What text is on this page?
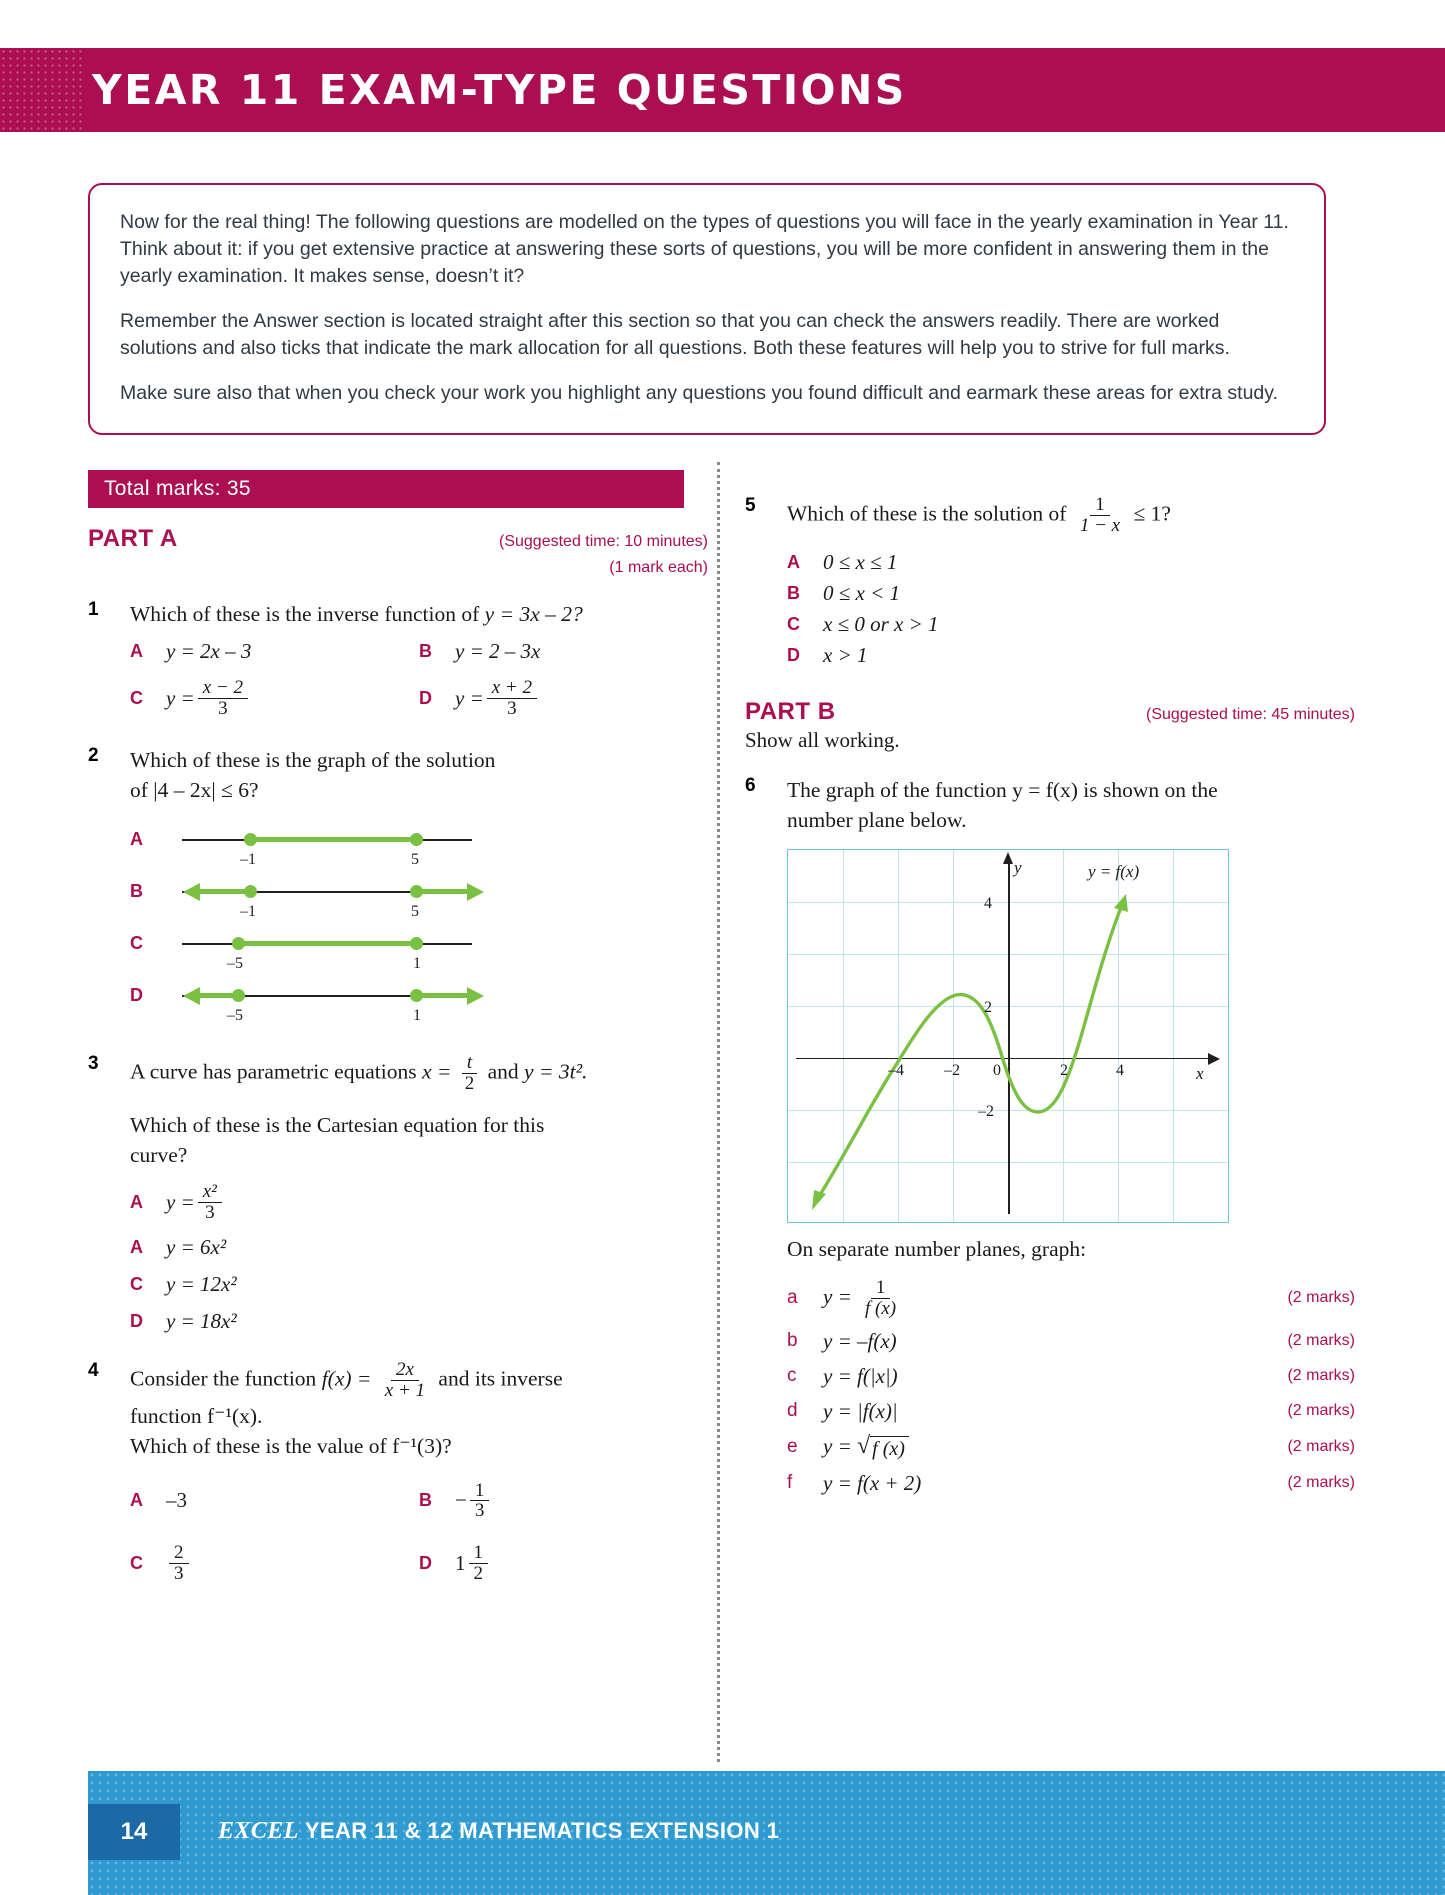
YEAR 11 EXAM-TYPE QUESTIONS

Now for the real thing! The following questions are modelled on the types of questions you will face in the yearly examination in Year 11. Think about it: if you get extensive practice at answering these sorts of questions, you will be more confident in answering them in the yearly examination. It makes sense, doesn’t it?

Remember the Answer section is located straight after this section so that you can check the answers readily. There are worked solutions and also ticks that indicate the mark allocation for all questions. Both these features will help you to strive for full marks.

Make sure also that when you check your work you highlight any questions you found difficult and earmark these areas for extra study.

Total marks: 35
PART A	(Suggested time: 10 minutes)
(1 mark each)
1	Which of these is the inverse function of y = 3x – 2?
A	y = 2x – 3	B	y = 2 – 3x
C	$y = \frac{x - 2}{3}$	D	$y = \frac{x + 2}{3}$
2	Which of these is the graph of the solution
of |4 – 2x| ≤ 6?
A
–1	5
B
–1	5
C
–5	1
D
–5	1
3	A curve has parametric equations $x = \frac{t}{2}$ and y = 3t².
Which of these is the Cartesian equation for this
curve?
A	$y = \frac{\text{x²}}{3}$
A	y = 6x²
C	y = 12x²
D	y = 18x²
4	Consider the function $f(x) = \frac{2x}{x + 1}$ and its inverse
function f⁻¹(x).
Which of these is the value of f⁻¹(3)?
A	–3	B	− $\frac{1}{3}$
C	$\frac{2}{3}$	D	$1 \frac{1}{2}$
5	Which of these is the solution of $\frac{1}{1 - x} \le 1$?
A	0 ≤ x ≤ 1
B	0 ≤ x < 1
C	x ≤ 0 or x > 1
D	x > 1
PART B	(Suggested time: 45 minutes)
Show all working.
6	The graph of the function y = f(x) is shown on the
number plane below.
y
x
0
–4	–2	2	4
4
2
–2
y = f(x)
On separate number planes, graph:
a	$y = \frac{1}{f (x)}$	(2 marks)
b	y = –f(x)	(2 marks)
c	y = f(|x|)	(2 marks)
d	y = |f(x)|	(2 marks)
e	y = √ f (x)	(2 marks)
f	y = f(x + 2)	(2 marks)
14	EXCEL YEAR 11 & 12 MATHEMATICS EXTENSION 1
